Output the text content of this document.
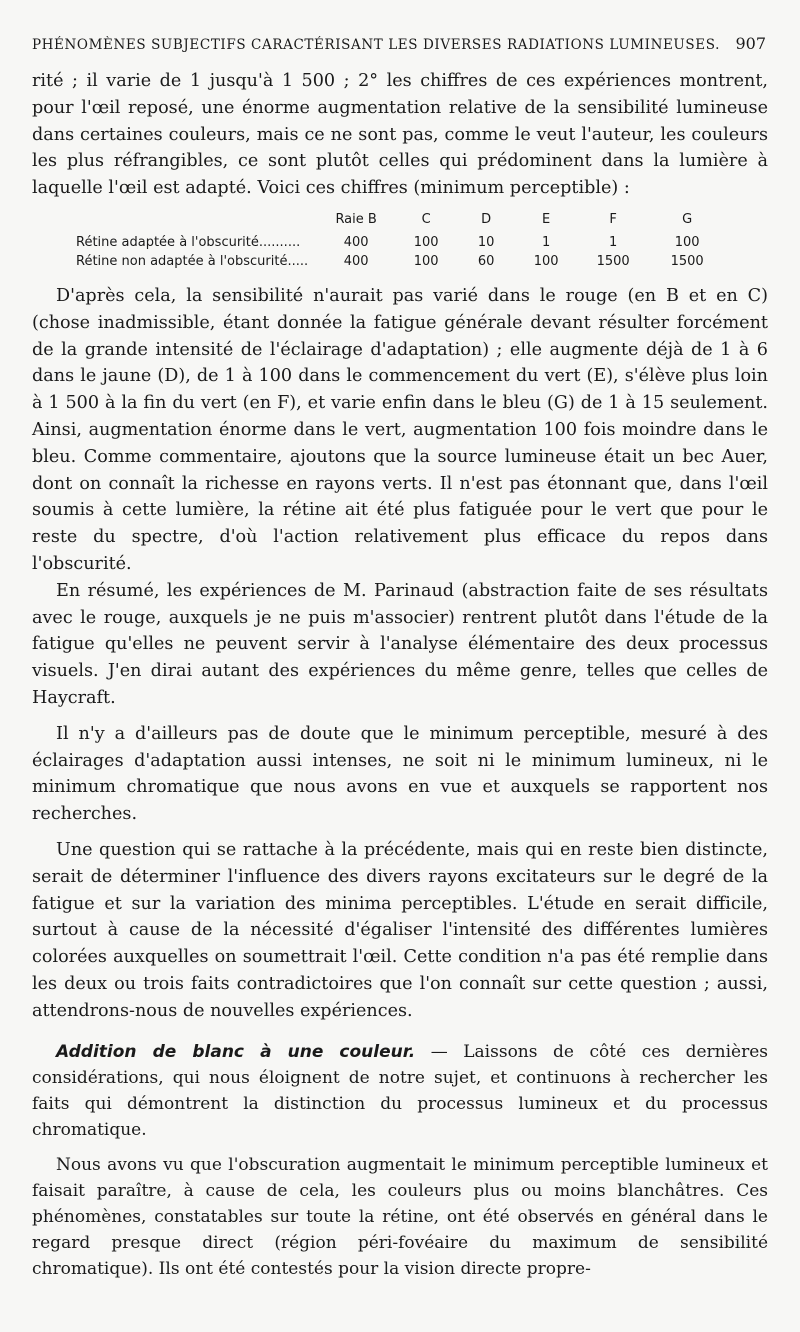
PHÉNOMÈNES SUBJECTIFS CARACTÉRISANT LES DIVERSES RADIATIONS LUMINEUSES. 907

rité ; il varie de 1 jusqu'à 1 500 ; 2° les chiffres de ces expériences montrent, pour l'œil reposé, une énorme augmentation relative de la sensibilité lumineuse dans certaines couleurs, mais ce ne sont pas, comme le veut l'auteur, les couleurs les plus réfrangibles, ce sont plutôt celles qui prédominent dans la lumière à laquelle l'œil est adapté. Voici ces chiffres (minimum perceptible) :

	Raie B	C	D	E	F	G
Rétine adaptée à l'obscurité..........	400	100	10	1	1	100
Rétine non adaptée à l'obscurité.....	400	100	60	100	1500	1500

D'après cela, la sensibilité n'aurait pas varié dans le rouge (en B et en C) (chose inadmissible, étant donnée la fatigue générale devant résulter forcément de la grande intensité de l'éclairage d'adaptation) ; elle augmente déjà de 1 à 6 dans le jaune (D), de 1 à 100 dans le commencement du vert (E), s'élève plus loin à 1 500 à la fin du vert (en F), et varie enfin dans le bleu (G) de 1 à 15 seulement. Ainsi, augmentation énorme dans le vert, augmentation 100 fois moindre dans le bleu. Comme commentaire, ajoutons que la source lumineuse était un bec Auer, dont on connaît la richesse en rayons verts. Il n'est pas étonnant que, dans l'œil soumis à cette lumière, la rétine ait été plus fatiguée pour le vert que pour le reste du spectre, d'où l'action relativement plus efficace du repos dans l'obscurité.

En résumé, les expériences de M. Parinaud (abstraction faite de ses résultats avec le rouge, auxquels je ne puis m'associer) rentrent plutôt dans l'étude de la fatigue qu'elles ne peuvent servir à l'analyse élémentaire des deux processus visuels. J'en dirai autant des expériences du même genre, telles que celles de Haycraft.

Il n'y a d'ailleurs pas de doute que le minimum perceptible, mesuré à des éclairages d'adaptation aussi intenses, ne soit ni le minimum lumineux, ni le minimum chromatique que nous avons en vue et auxquels se rapportent nos recherches.

Une question qui se rattache à la précédente, mais qui en reste bien distincte, serait de déterminer l'influence des divers rayons excitateurs sur le degré de la fatigue et sur la variation des minima perceptibles. L'étude en serait difficile, surtout à cause de la nécessité d'égaliser l'intensité des différentes lumières colorées auxquelles on soumettrait l'œil. Cette condition n'a pas été remplie dans les deux ou trois faits contradictoires que l'on connaît sur cette question ; aussi, attendrons-nous de nouvelles expériences.

Addition de blanc à une couleur. — Laissons de côté ces dernières considérations, qui nous éloignent de notre sujet, et continuons à rechercher les faits qui démontrent la distinction du processus lumineux et du processus chromatique.

Nous avons vu que l'obscuration augmentait le minimum perceptible lumineux et faisait paraître, à cause de cela, les couleurs plus ou moins blanchâtres. Ces phénomènes, constatables sur toute la rétine, ont été observés en général dans le regard presque direct (région péri-fovéaire du maximum de sensibilité chromatique). Ils ont été contestés pour la vision directe propre-
